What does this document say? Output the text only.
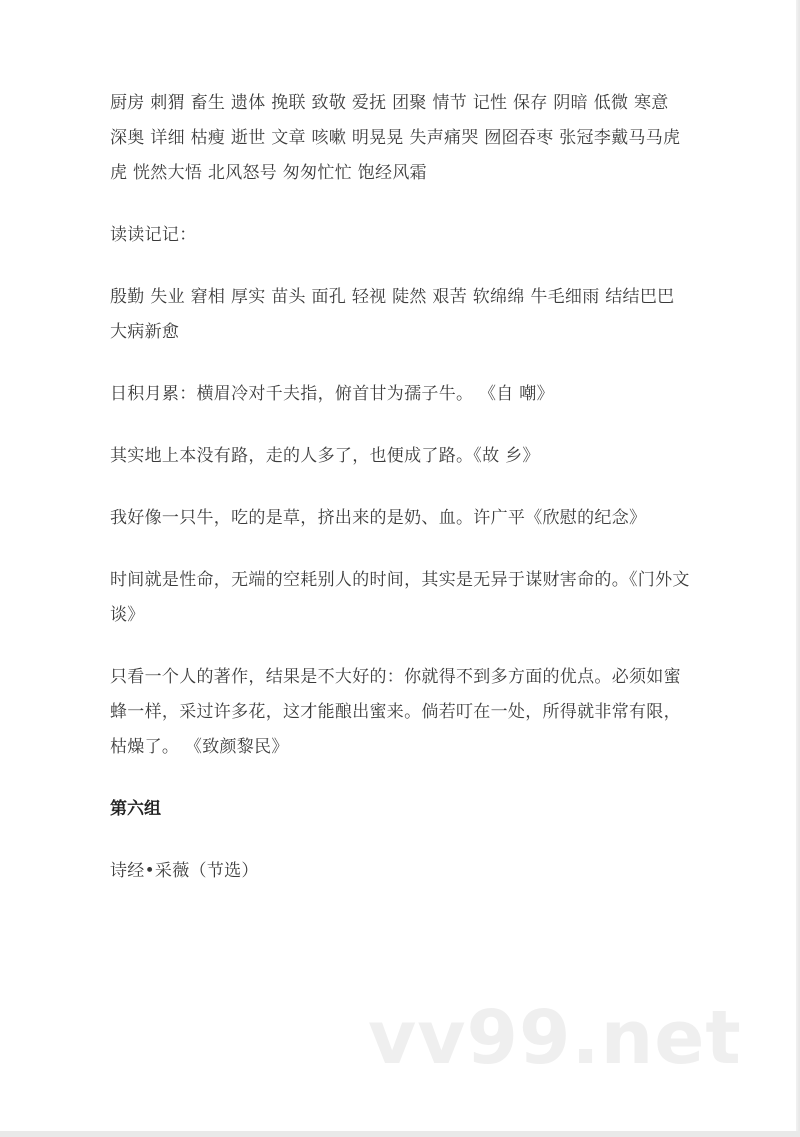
厨房 刺猬 畜生 遗体 挽联 致敬 爱抚 团聚 情节 记性 保存 阴暗 低微 寒意 深奥 详细 枯瘦 逝世 文章 咳嗽 明晃晃 失声痛哭 囫囵吞枣 张冠李戴马马虎虎 恍然大悟 北风怒号 匆匆忙忙 饱经风霜

读读记记：

殷勤 失业 窘相 厚实 苗头 面孔 轻视 陡然 艰苦 软绵绵 牛毛细雨 结结巴巴 大病新愈

日积月累：横眉冷对千夫指，俯首甘为孺子牛。 《自 嘲》

其实地上本没有路，走的人多了，也便成了路。《故 乡》

我好像一只牛，吃的是草，挤出来的是奶、血。许广平《欣慰的纪念》

时间就是性命，无端的空耗别人的时间，其实是无异于谋财害命的。《门外文谈》

只看一个人的著作，结果是不大好的：你就得不到多方面的优点。必须如蜜蜂一样，采过许多花，这才能酿出蜜来。倘若叮在一处，所得就非常有限，枯燥了。 《致颜黎民》

第六组

诗经•采薇（节选）

vv99.net
